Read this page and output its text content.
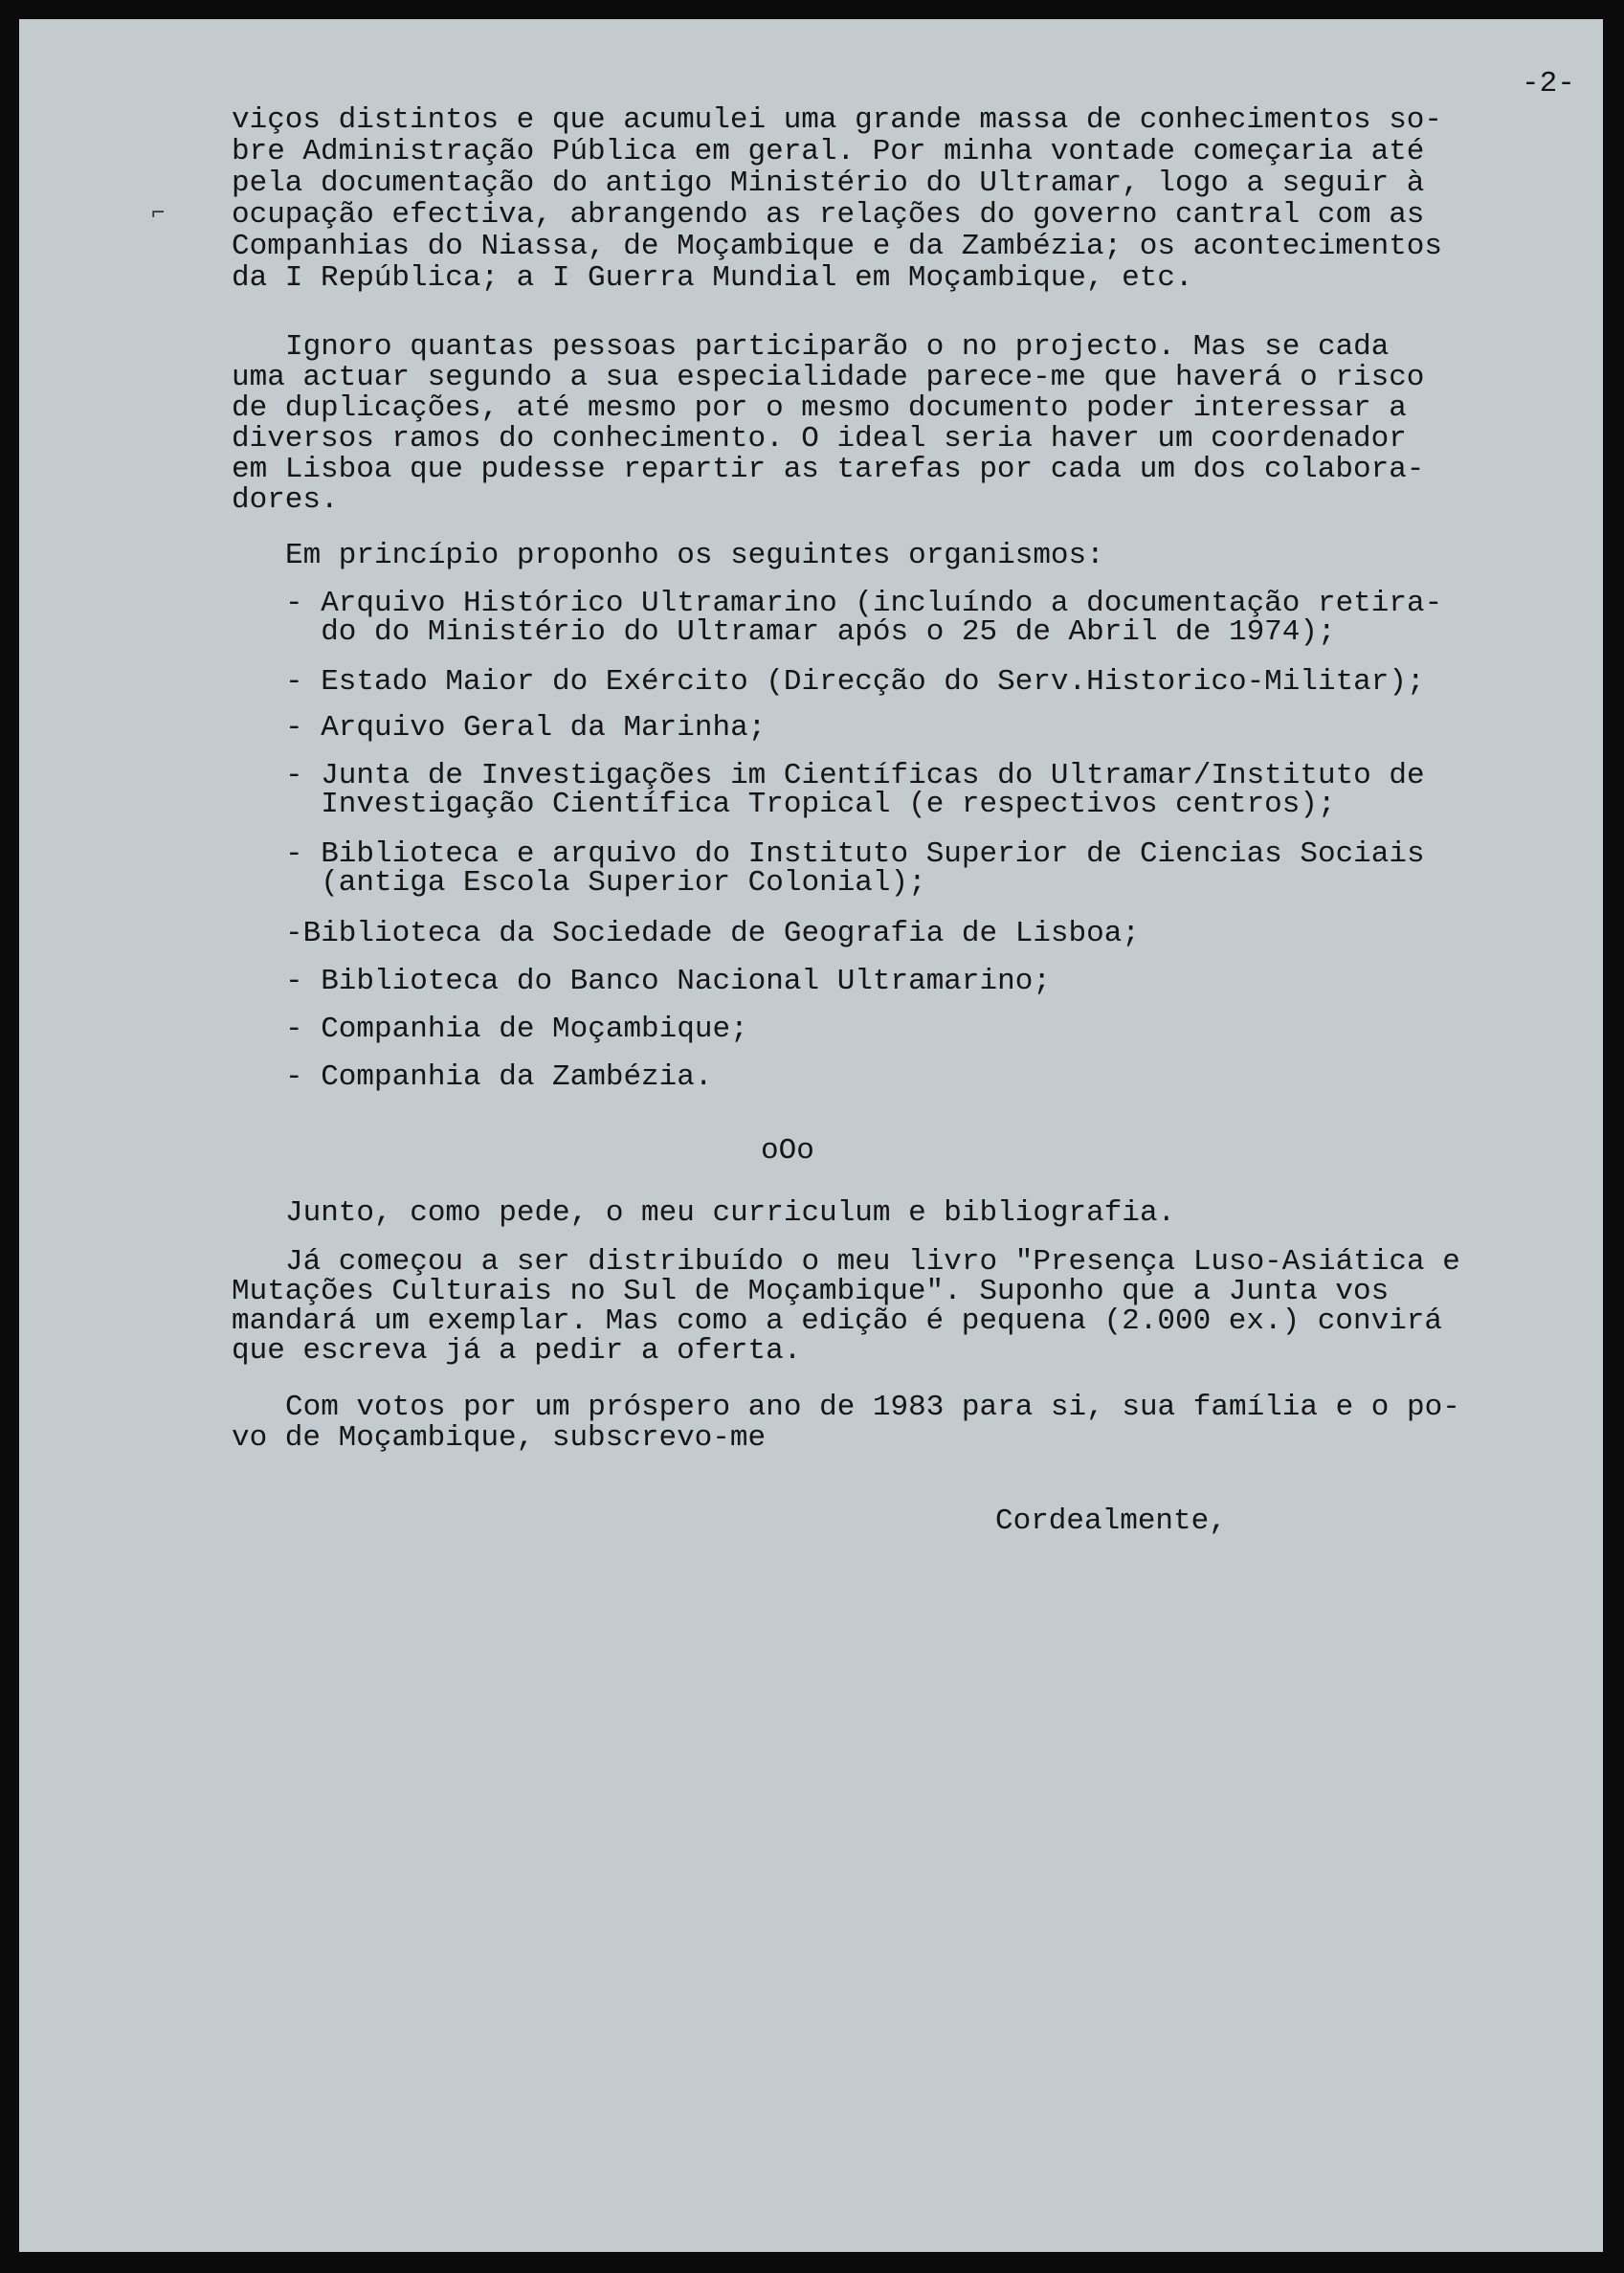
-2-
⌐
viços distintos e que acumulei uma grande massa de conhecimentos so-
bre Administração Pública em geral. Por minha vontade começaria até
pela documentação do antigo Ministério do Ultramar, logo a seguir à
ocupação efectiva, abrangendo as relações do governo cantral com as
Companhias do Niassa, de Moçambique e da Zambézia; os acontecimentos
da I República; a I Guerra Mundial em Moçambique, etc.
Ignoro quantas pessoas participarão o no projecto. Mas se cada
uma actuar segundo a sua especialidade parece-me que haverá o risco
de duplicações, até mesmo por o mesmo documento poder interessar a
diversos ramos do conhecimento. O ideal seria haver um coordenador
em Lisboa que pudesse repartir as tarefas por cada um dos colabora-
dores.
Em princípio proponho os seguintes organismos:
- Arquivo Histórico Ultramarino (incluíndo a documentação retira-
do do Ministério do Ultramar após o 25 de Abril de 1974);
- Estado Maior do Exército (Direcção do Serv.Historico-Militar);
- Arquivo Geral da Marinha;
- Junta de Investigações im Científicas do Ultramar/Instituto de
Investigação Científica Tropical (e respectivos centros);
- Biblioteca e arquivo do Instituto Superior de Ciencias Sociais
(antiga Escola Superior Colonial);
-Biblioteca da Sociedade de Geografia de Lisboa;
- Biblioteca do Banco Nacional Ultramarino;
- Companhia de Moçambique;
- Companhia da Zambézia.
oOo
Junto, como pede, o meu curriculum e bibliografia.
Já começou a ser distribuído o meu livro "Presença Luso-Asiática e
Mutações Culturais no Sul de Moçambique". Suponho que a Junta vos
mandará um exemplar. Mas como a edição é pequena (2.000 ex.) convirá
que escreva já a pedir a oferta.
Com votos por um próspero ano de 1983 para si, sua família e o po-
vo de Moçambique, subscrevo-me
Cordealmente,
